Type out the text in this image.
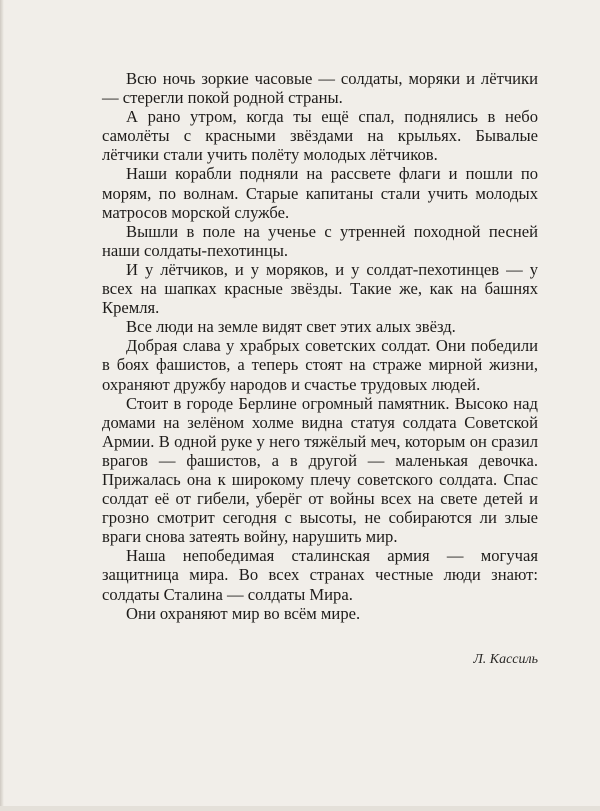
Всю ночь зоркие часовые — солдаты, моряки и лётчики — стерегли покой родной страны.

А рано утром, когда ты ещё спал, поднялись в небо самолёты с красными звёздами на крыльях. Бывалые лётчики стали учить полёту молодых лётчиков.

Наши корабли подняли на рассвете флаги и пошли по морям, по волнам. Старые капитаны стали учить молодых матросов морской службе.

Вышли в поле на ученье с утренней походной песней наши солдаты-пехотинцы.

И у лётчиков, и у моряков, и у солдат-пехотинцев — у всех на шапках красные звёзды. Такие же, как на башнях Кремля.

Все люди на земле видят свет этих алых звёзд.

Добрая слава у храбрых советских солдат. Они победили в боях фашистов, а теперь стоят на страже мирной жизни, охраняют дружбу народов и счастье трудовых людей.

Стоит в городе Берлине огромный памятник. Высоко над домами на зелёном холме видна статуя солдата Советской Армии. В одной руке у него тяжёлый меч, которым он сразил врагов — фашистов, а в другой — маленькая девочка. Прижалась она к широкому плечу советского солдата. Спас солдат её от гибели, уберёг от войны всех на свете детей и грозно смотрит сегодня с высоты, не собираются ли злые враги снова затеять войну, нарушить мир.

Наша непобедимая сталинская армия — могучая защитница мира. Во всех странах честные люди знают: солдаты Сталина — солдаты Мира.

Они охраняют мир во всём мире.

Л. Кассиль
